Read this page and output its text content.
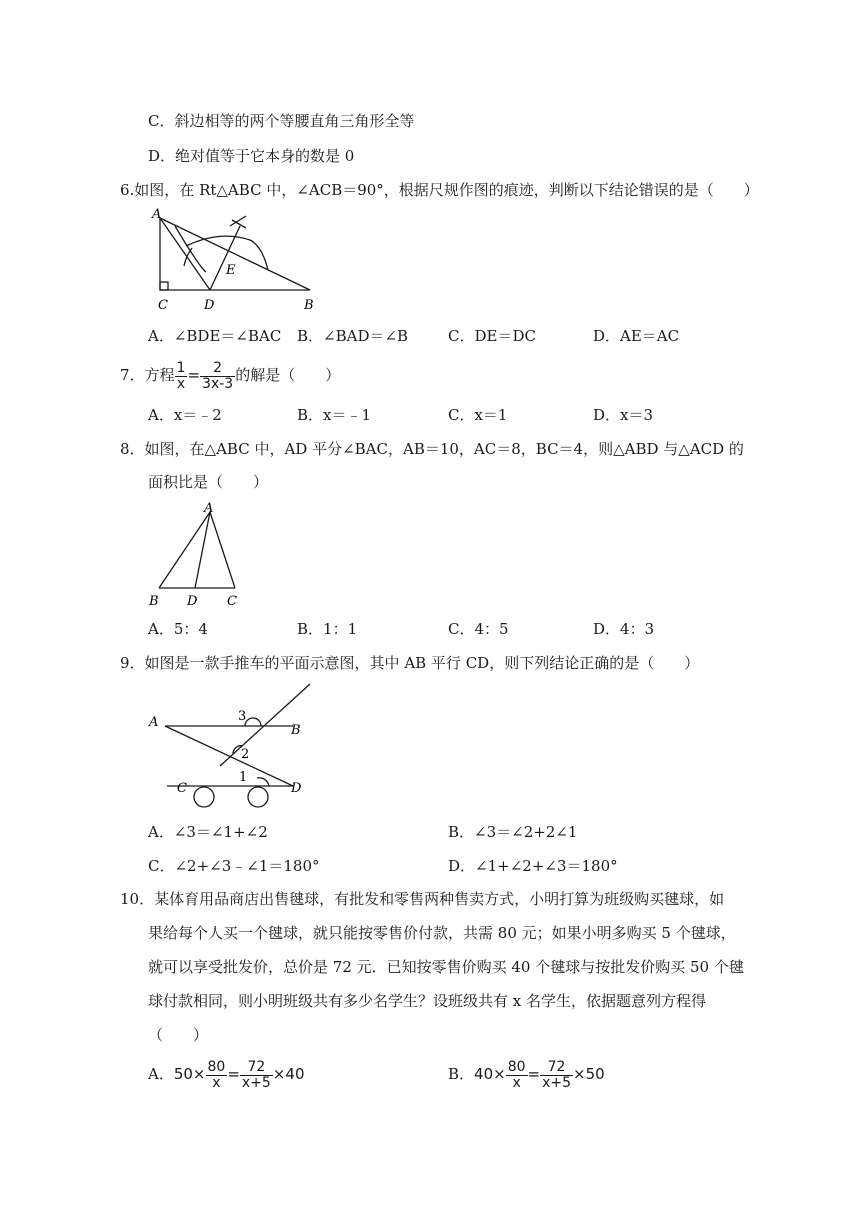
C．斜边相等的两个等腰直角三角形全等
D．绝对值等于它本身的数是 0
6.如图，在 Rt△ABC 中，∠ACB＝90°，根据尺规作图的痕迹，判断以下结论错误的是（　　）
A
C	D
E
B
A．∠BDE＝∠BAC B．∠BAD＝∠B	C．DE＝DC	D．AE＝AC
7．方程 $\frac{1}{x} = \frac{2}{3x-3}$ 的解是（　　）
A．x＝﹣2	B．x＝﹣1	C．x＝1	D．x＝3
8．如图，在△ABC 中，AD 平分∠BAC，AB＝10，AC＝8，BC＝4，则△ABD 与△ACD 的
面积比是（　　）
A
B D C
A．5：4	B．1：1	C．4：5	D．4：3
9．如图是一款手推车的平面示意图，其中 AB 平行 CD，则下列结论正确的是（　　）
A
B
C	D
3
2
1
A．∠3＝∠1+∠2	B．∠3＝∠2+2∠1
C．∠2+∠3﹣∠1＝180°	D．∠1+∠2+∠3＝180°
10．某体育用品商店出售毽球，有批发和零售两种售卖方式，小明打算为班级购买毽球，如
果给每个人买一个毽球，就只能按零售价付款，共需 80 元；如果小明多购买 5 个毽球，
就可以享受批发价，总价是 72 元．已知按零售价购买 40 个毽球与按批发价购买 50 个毽
球付款相同，则小明班级共有多少名学生？设班级共有 x 名学生，依据题意列方程得
（　　）
A．$50\times \frac{80}{x} = \frac{72}{x+5} \times 40$	B．$40\times \frac{80}{x} = \frac{72}{x+5} \times 50$
